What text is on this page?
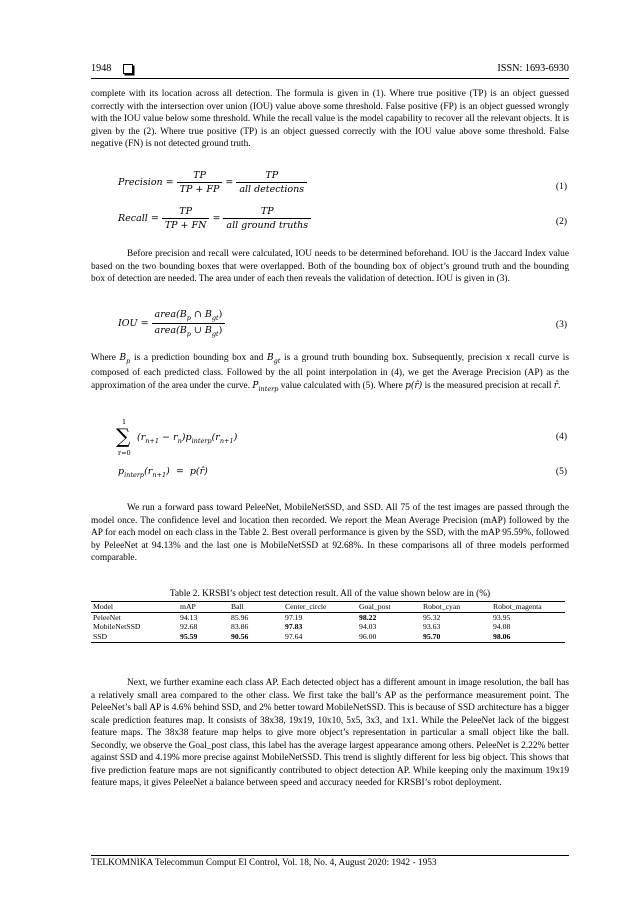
1948	ISSN: 1693-6930

complete with its location across all detection. The formula is given in (1). Where true positive (TP) is an object guessed correctly with the intersection over union (IOU) value above some threshold. False positive (FP) is an object guessed wrongly with the IOU value below some threshold. While the recall value is the model capability to recover all the relevant objects. It is given by the (2). Where true positive (TP) is an object guessed correctly with the IOU value above some threshold. False negative (FN) is not detected ground truth.

Precision = $\frac{TP}{TP + FP} = \frac{TP}{\text{all detections}}$	(1)
Recall = $\frac{TP}{TP + FN} = \frac{TP}{\text{all ground truths}}$	(2)

Before precision and recall were calculated, IOU needs to be determined beforehand. IOU is the Jaccard Index value based on the two bounding boxes that were overlapped. Both of the bounding box of object’s ground truth and the bounding box of detection are needed. The area under of each then reveals the validation of detection. IOU is given in (3).

IOU = $\frac{area(B_p \cap B_{gt})}{area(B_p \cup B_{gt})}$	(3)

Where $B_p$ is a prediction bounding box and $B_{gt}$ is a ground truth bounding box. Subsequently, precision x recall curve is composed of each predicted class. Followed by the all point interpolation in (4), we get the Average Precision (AP) as the approximation of the area under the curve. $P_{interp}$ value calculated with (5). Where p(r̂) is the measured precision at recall r̂.

1
∑
r=0
$(r_{n+1} - r_n)p_{interp}(r_{n+1})$	(4)
$p_{interp}(r_{n+1})$ = p(r̂)	(5)

We run a forward pass toward PeleeNet, MobileNetSSD, and SSD. All 75 of the test images are passed through the model once. The confidence level and location then recorded. We report the Mean Average Precision (mAP) followed by the AP for each model on each class in the Table 2. Best overall performance is given by the SSD, with the mAP 95.59%, followed by PeleeNet at 94.13% and the last one is MobileNetSSD at 92.68%. In these comparisons all of three models performed comparable.

Table 2. KRSBI’s object test detection result. All of the value shown below are in (%)
Model	mAP	Ball	Center_circle	Goal_post	Robot_cyan	Robot_magenta
PeleeNet	94.13	85.96	97.19	98.22	95.32	93.95
MobileNetSSD	92.68	83.86	97.83	94.03	93.63	94.08
SSD	95.59	90.56	97.64	96.00	95.70	98.06

Next, we further examine each class AP. Each detected object has a different amount in image resolution, the ball has a relatively small area compared to the other class. We first take the ball’s AP as the performance measurement point. The PeleeNet’s ball AP is 4.6% behind SSD, and 2% better toward MobileNetSSD. This is because of SSD architecture has a bigger scale prediction features map. It consists of 38x38, 19x19, 10x10, 5x5, 3x3, and 1x1. While the PeleeNet lack of the biggest feature maps. The 38x38 feature map helps to give more object’s representation in particular a small object like the ball. Secondly, we observe the Goal_post class, this label has the average largest appearance among others. PeleeNet is 2.22% better against SSD and 4.19% more precise against MobileNetSSD. This trend is slightly different for less big object. This shows that five prediction feature maps are not significantly contributed to object detection AP. While keeping only the maximum 19x19 feature maps, it gives PeleeNet a balance between speed and accuracy needed for KRSBI’s robot deployment.

TELKOMNIKA Telecommun Comput El Control, Vol. 18, No. 4, August 2020: 1942 - 1953
